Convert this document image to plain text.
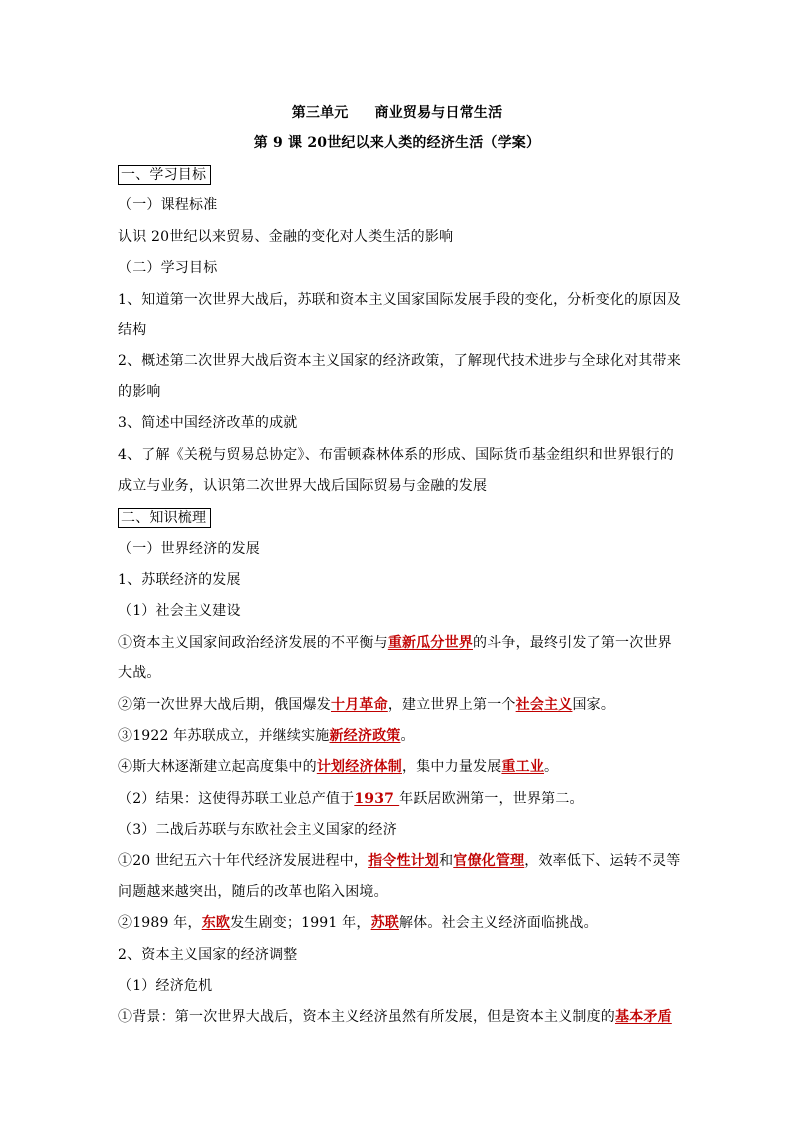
第三单元 商业贸易与日常生活
第 9 课 20世纪以来人类的经济生活（学案）
一、学习目标
（一）课程标准
认识 20世纪以来贸易、金融的变化对人类生活的影响
（二）学习目标
1、知道第一次世界大战后，苏联和资本主义国家国际发展手段的变化，分析变化的原因及
结构
2、概述第二次世界大战后资本主义国家的经济政策，了解现代技术进步与全球化对其带来
的影响
3、简述中国经济改革的成就
4、了解《关税与贸易总协定》、布雷顿森林体系的形成、国际货币基金组织和世界银行的
成立与业务，认识第二次世界大战后国际贸易与金融的发展
二、知识梳理
（一）世界经济的发展
1、苏联经济的发展
（1）社会主义建设
①资本主义国家间政治经济发展的不平衡与重新瓜分世界的斗争，最终引发了第一次世界
大战。
②第一次世界大战后期，俄国爆发十月革命，建立世界上第一个社会主义国家。
③1922 年苏联成立，并继续实施新经济政策。
④斯大林逐渐建立起高度集中的计划经济体制，集中力量发展重工业。
（2）结果：这使得苏联工业总产值于1937 年跃居欧洲第一，世界第二。
（3）二战后苏联与东欧社会主义国家的经济
①20 世纪五六十年代经济发展进程中，指令性计划和官僚化管理，效率低下、运转不灵等
问题越来越突出，随后的改革也陷入困境。
②1989 年，东欧发生剧变；1991 年，苏联解体。社会主义经济面临挑战。
2、资本主义国家的经济调整
（1）经济危机
①背景：第一次世界大战后，资本主义经济虽然有所发展，但是资本主义制度的基本矛盾
